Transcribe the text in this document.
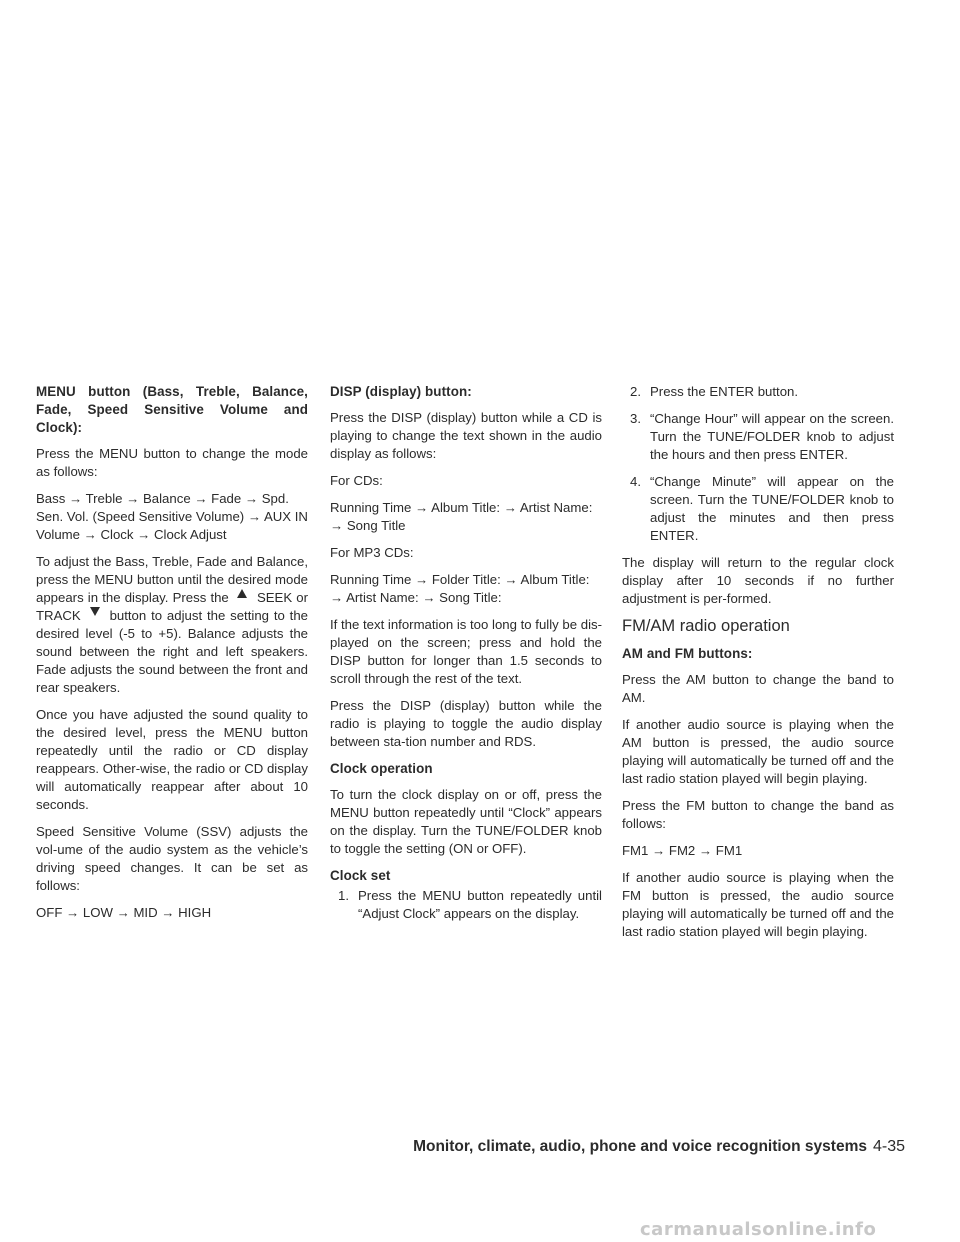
MENU button (Bass, Treble, Balance, Fade, Speed Sensitive Volume and Clock):

Press the MENU button to change the mode as follows:

Bass → Treble → Balance → Fade → Spd. Sen. Vol. (Speed Sensitive Volume) → AUX IN Volume → Clock → Clock Adjust

To adjust the Bass, Treble, Fade and Balance, press the MENU button until the desired mode appears in the display. Press the SEEK or TRACK button to adjust the setting to the desired level (-5 to +5). Balance adjusts the sound between the right and left speakers. Fade adjusts the sound between the front and rear speakers.

Once you have adjusted the sound quality to the desired level, press the MENU button repeatedly until the radio or CD display reappears. Other-wise, the radio or CD display will automatically reappear after about 10 seconds.

Speed Sensitive Volume (SSV) adjusts the vol-ume of the audio system as the vehicle’s driving speed changes. It can be set as follows:

OFF → LOW → MID → HIGH

DISP (display) button:

Press the DISP (display) button while a CD is playing to change the text shown in the audio display as follows:

For CDs:

Running Time → Album Title: → Artist Name: → Song Title

For MP3 CDs:

Running Time → Folder Title: → Album Title: → Artist Name: → Song Title:

If the text information is too long to fully be dis-played on the screen; press and hold the DISP button for longer than 1.5 seconds to scroll through the rest of the text.

Press the DISP (display) button while the radio is playing to toggle the audio display between sta-tion number and RDS.

Clock operation

To turn the clock display on or off, press the MENU button repeatedly until “Clock” appears on the display. Turn the TUNE/FOLDER knob to toggle the setting (ON or OFF).

Clock set

1. Press the MENU button repeatedly until “Adjust Clock” appears on the display.
2. Press the ENTER button.
3. “Change Hour” will appear on the screen. Turn the TUNE/FOLDER knob to adjust the hours and then press ENTER.
4. “Change Minute” will appear on the screen. Turn the TUNE/FOLDER knob to adjust the minutes and then press ENTER.

The display will return to the regular clock display after 10 seconds if no further adjustment is per-formed.

FM/AM radio operation

AM and FM buttons:

Press the AM button to change the band to AM.

If another audio source is playing when the AM button is pressed, the audio source playing will automatically be turned off and the last radio station played will begin playing.

Press the FM button to change the band as follows:

FM1 → FM2 → FM1

If another audio source is playing when the FM button is pressed, the audio source playing will automatically be turned off and the last radio station played will begin playing.

Monitor, climate, audio, phone and voice recognition systems 4-35
carmanualsonline.info
